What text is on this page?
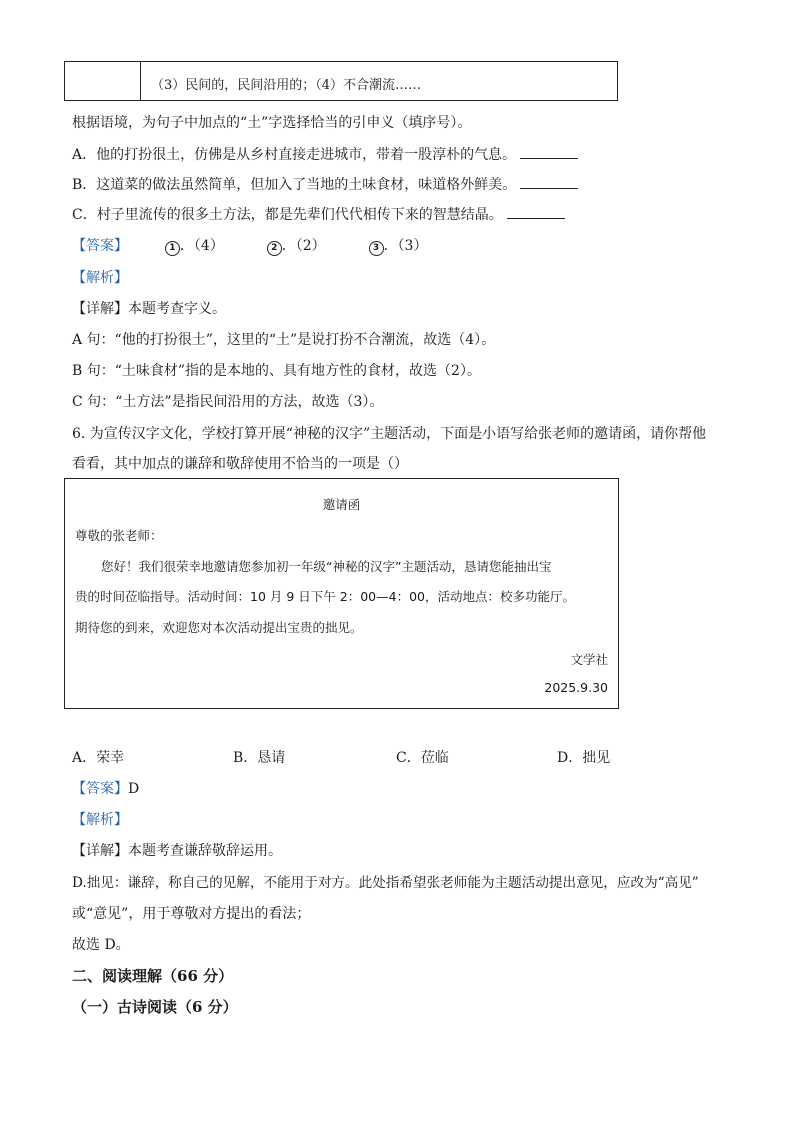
（3）民间的，民间沿用的；（4）不合潮流……
根据语境，为句子中加点的“土”字选择恰当的引申义（填序号）。
A．他的打扮很土，仿佛是从乡村直接走进城市，带着一股淳朴的气息。
B．这道菜的做法虽然简单，但加入了当地的土味食材，味道格外鲜美。
C．村子里流传的很多土方法，都是先辈们代代相传下来的智慧结晶。
【答案】	1 ．（4）	2 ．（2）	3 ．（3）
【解析】
【详解】本题考查字义。
A 句：“他的打扮很土”，这里的“土”是说打扮不合潮流，故选（4）。
B 句：“土味食材”指的是本地的、具有地方性的食材，故选（2）。
C 句：“土方法”是指民间沿用的方法，故选（3）。
6. 为宣传汉字文化，学校打算开展“神秘的汉字”主题活动，下面是小语写给张老师的邀请函，请你帮他
看看，其中加点的谦辞和敬辞使用不恰当的一项是（）
邀请函
尊敬的张老师：
您好！我们很荣幸地邀请您参加初一年级“神秘的汉字”主题活动，恳请您能抽出宝
贵的时间莅临指导。活动时间：10 月 9 日下午 2：00—4：00，活动地点：校多功能厅。
期待您的到来，欢迎您对本次活动提出宝贵的拙见。
文学社
2025.9.30
A．荣幸	B．恳请	C．莅临	D．拙见
【答案】D
【解析】
【详解】本题考查谦辞敬辞运用。
D.拙见：谦辞，称自己的见解，不能用于对方。此处指希望张老师能为主题活动提出意见，应改为“高见”
或“意见”，用于尊敬对方提出的看法；
故选 D。
二、阅读理解（66 分）
（一）古诗阅读（6 分）
